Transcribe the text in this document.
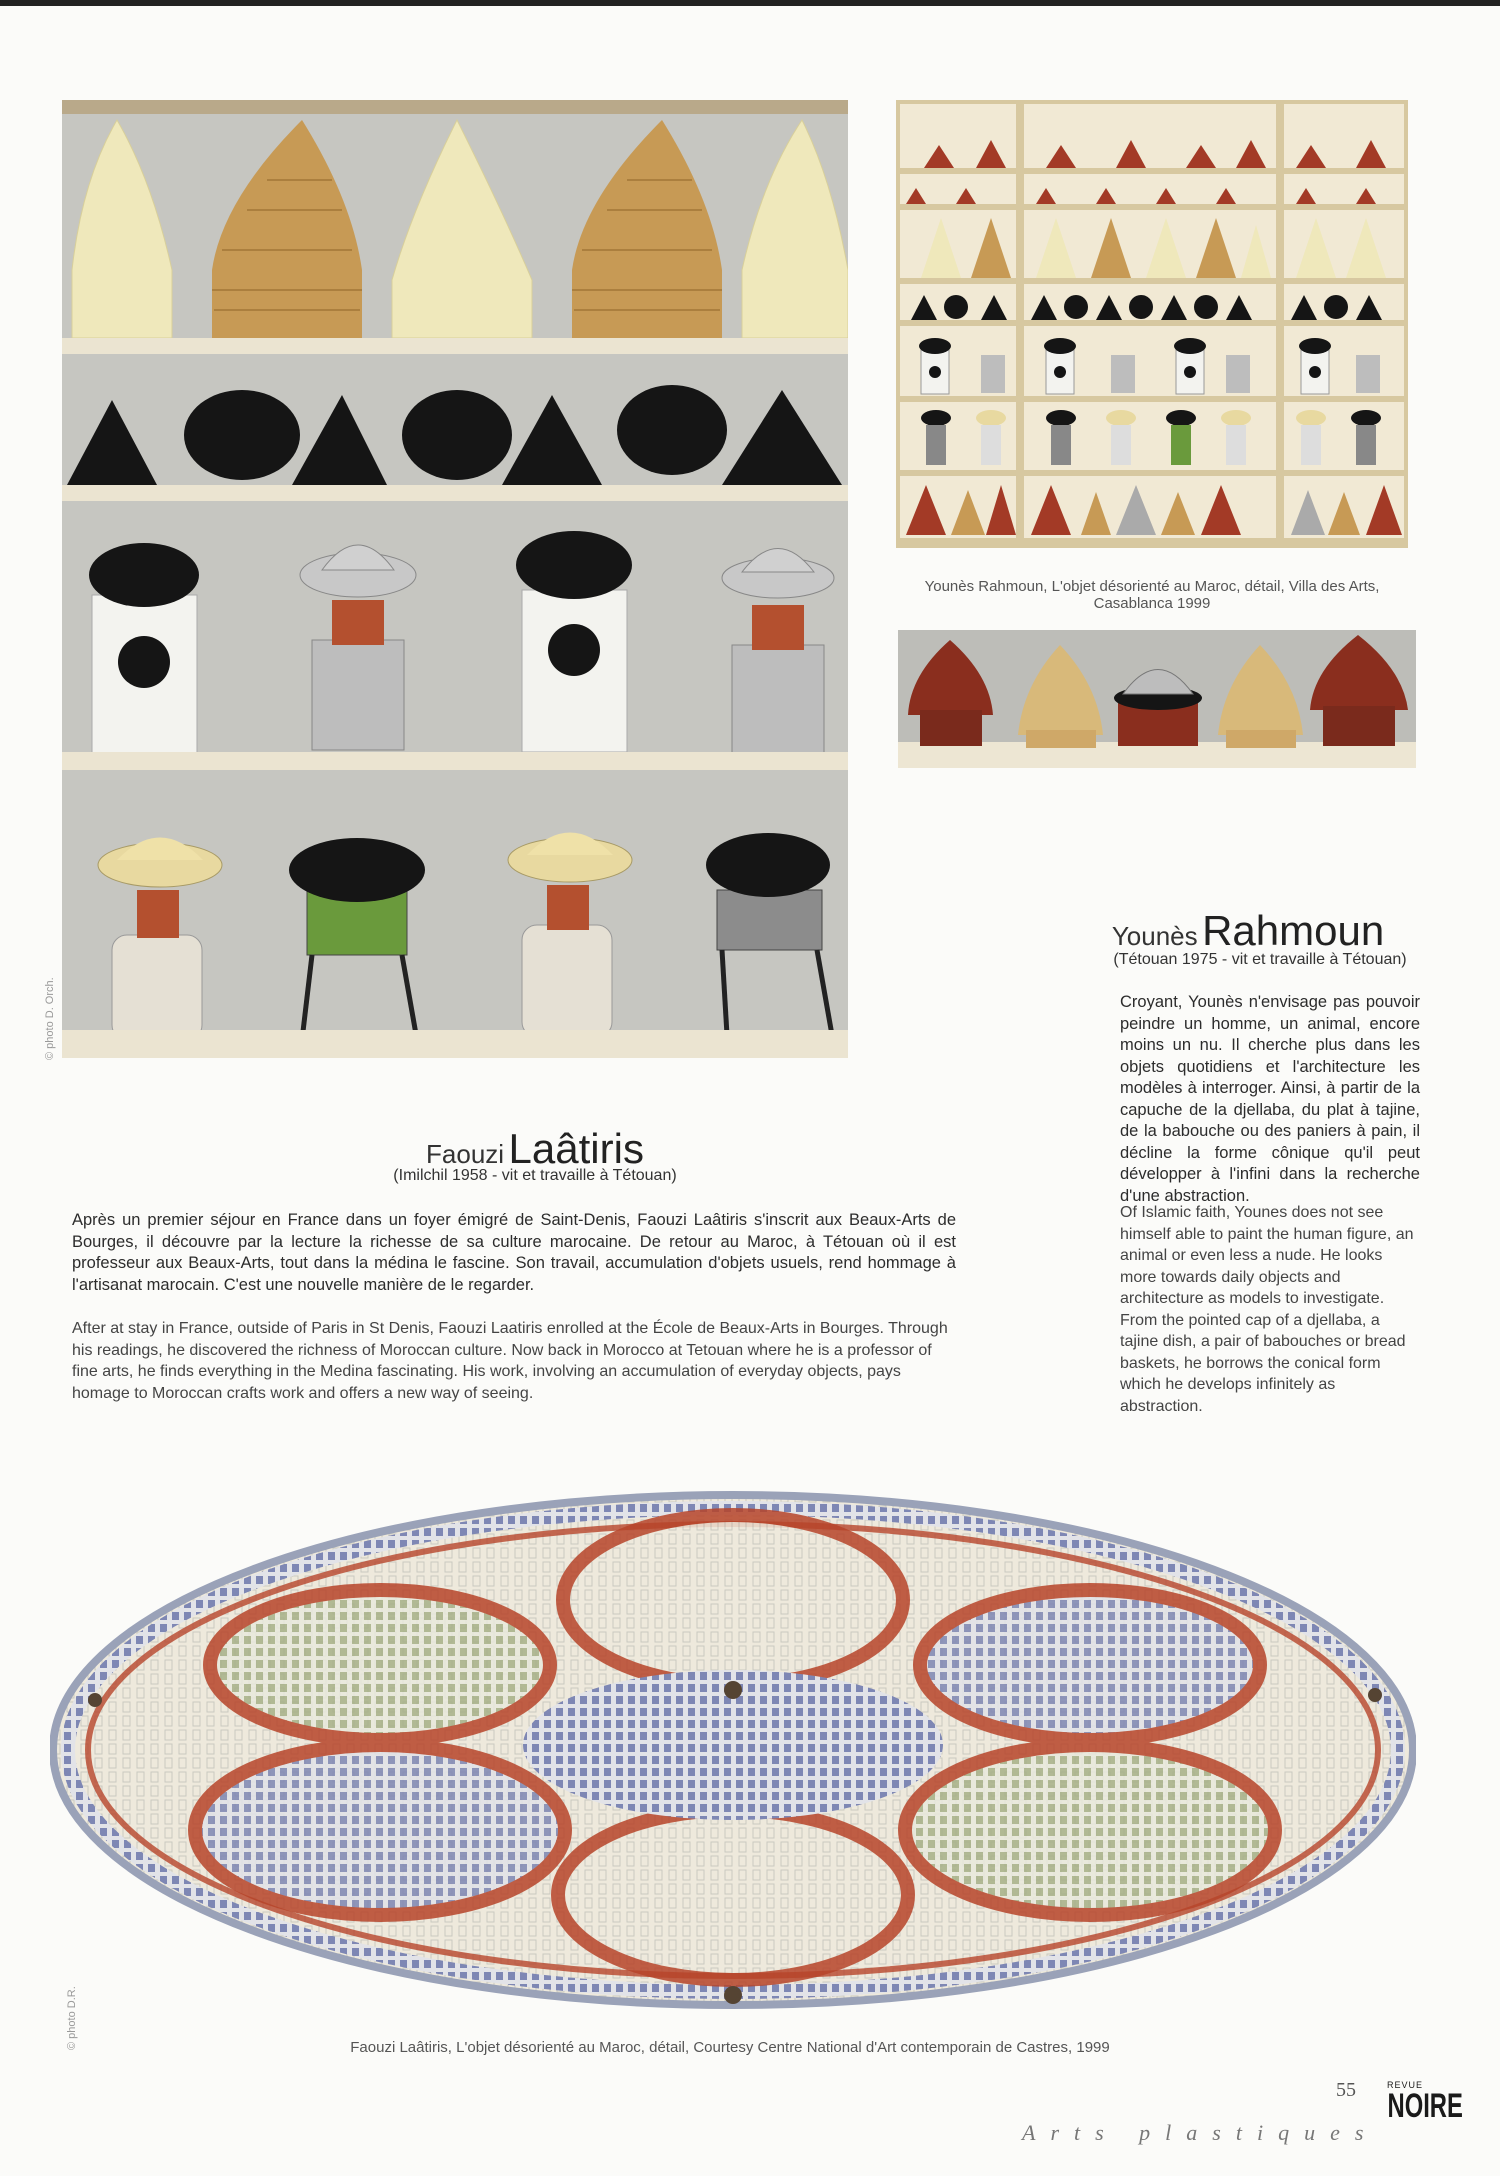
© photo D. Orch.
Younès Rahmoun, L'objet désorienté au Maroc, détail, Villa des Arts, Casablanca 1999
Younès Rahmoun
(Tétouan 1975 - vit et travaille à Tétouan)
Croyant, Younès n'envisage pas pouvoir peindre un homme, un animal, encore moins un nu. Il cherche plus dans les objets quotidiens et l'architecture les modèles à interroger. Ainsi, à partir de la capuche de la djellaba, du plat à tajine, de la babouche ou des paniers à pain, il décline la forme cônique qu'il peut développer à l'infini dans la recherche d'une abstraction.
Of Islamic faith, Younes does not see himself able to paint the human figure, an animal or even less a nude. He looks more towards daily objects and architecture as models to investigate. From the pointed cap of a djellaba, a tajine dish, a pair of babouches or bread baskets, he borrows the conical form which he develops infinitely as abstraction.
Faouzi Laâtiris
(Imilchil 1958 - vit et travaille à Tétouan)
Après un premier séjour en France dans un foyer émigré de Saint-Denis, Faouzi Laâtiris s'inscrit aux Beaux-Arts de Bourges, il découvre par la lecture la richesse de sa culture marocaine. De retour au Maroc, à Tétouan où il est professeur aux Beaux-Arts, tout dans la médina le fascine. Son travail, accumulation d'objets usuels, rend hommage à l'artisanat marocain. C'est une nouvelle manière de le regarder.
After at stay in France, outside of Paris in St Denis, Faouzi Laatiris enrolled at the École de Beaux-Arts in Bourges. Through his readings, he discovered the richness of Moroccan culture. Now back in Morocco at Tetouan where he is a professor of fine arts, he finds everything in the Medina fascinating. His work, involving an accumulation of everyday objects, pays homage to Moroccan crafts work and offers a new way of seeing.
© photo D.R.	Faouzi Laâtiris, L'objet désorienté au Maroc, détail, Courtesy Centre National d'Art contemporain de Castres, 1999
55
Arts plastiques
REVUE
NOIRE
